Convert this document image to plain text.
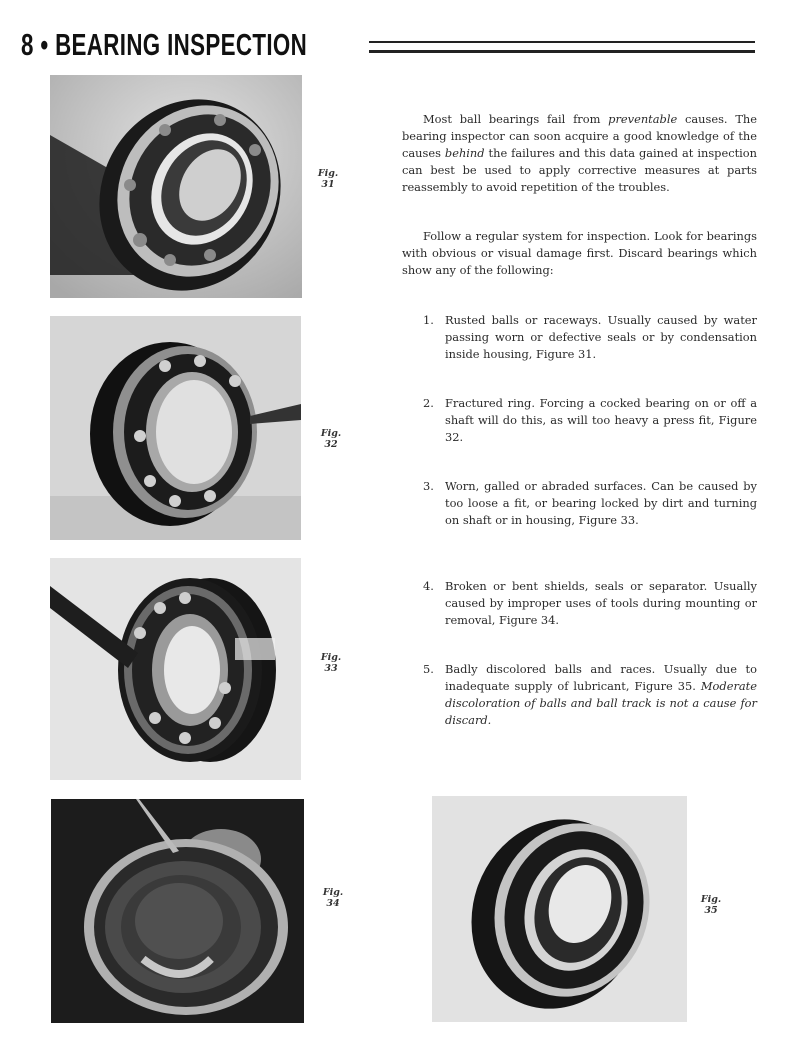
8 • BEARING INSPECTION
Fig.
31
Fig.
32
Fig.
33
Fig.
34	Fig.
35

Most ball bearings fail from preventable causes. The bearing inspector can soon acquire a good knowledge of the causes behind the failures and this data gained at inspection can best be used to apply corrective measures at parts reassembly to avoid repetition of the troubles.

Follow a regular system for inspection. Look for bearings with obvious or visual damage first. Discard bearings which show any of the following:

1. Rusted balls or raceways. Usually caused by water passing worn or defective seals or by condensation inside housing, Figure 31.
2. Fractured ring. Forcing a cocked bearing on or off a shaft will do this, as will too heavy a press fit, Figure 32.
3. Worn, galled or abraded surfaces. Can be caused by too loose a fit, or bearing locked by dirt and turning on shaft or in housing, Figure 33.
4. Broken or bent shields, seals or separator. Usually caused by improper uses of tools during mounting or removal, Figure 34.
5. Badly discolored balls and races. Usually due to inadequate supply of lubricant, Figure 35. Moderate discoloration of balls and ball track is not a cause for discard.
